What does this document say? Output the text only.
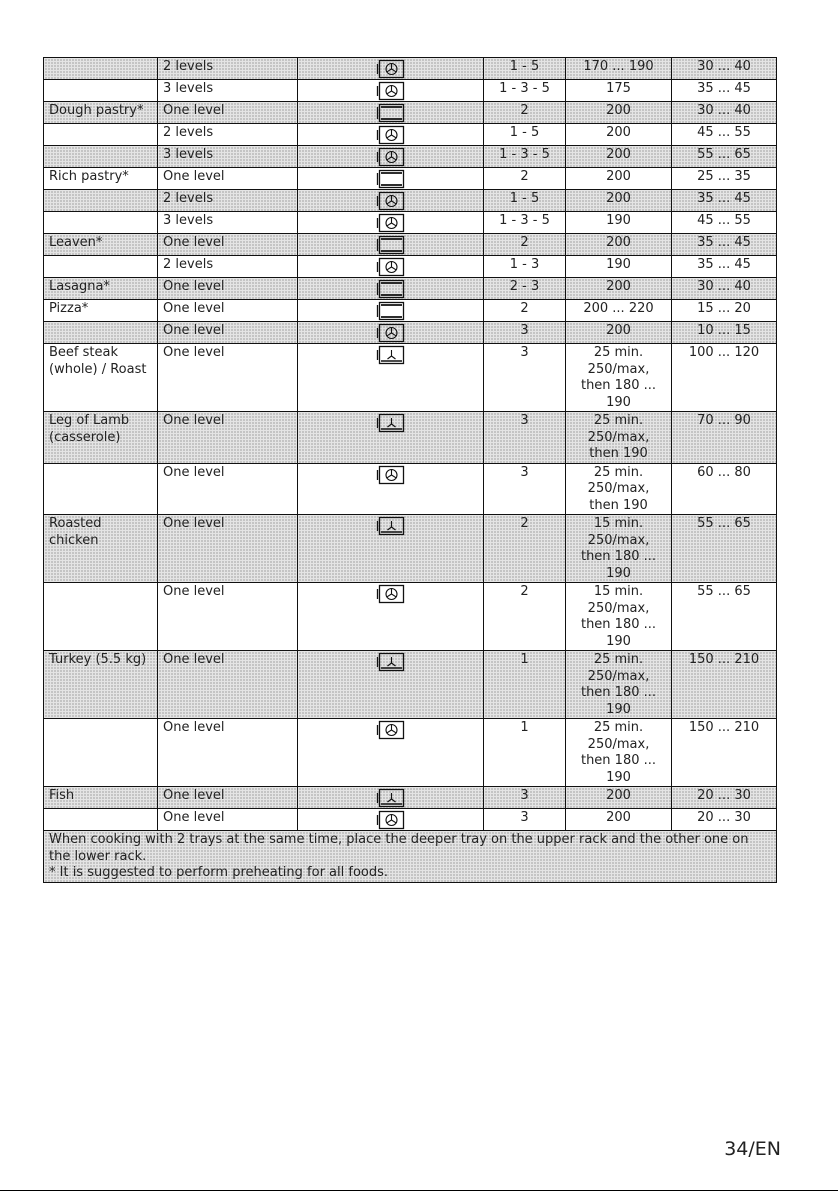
	2 levels		1 - 5	170 ... 190	30 ... 40
	3 levels		1 - 3 - 5	175	35 ... 45
Dough pastry*	One level		2	200	30 ... 40
	2 levels		1 - 5	200	45 ... 55
	3 levels		1 - 3 - 5	200	55 ... 65
Rich pastry*	One level		2	200	25 ... 35
	2 levels		1 - 5	200	35 ... 45
	3 levels		1 - 3 - 5	190	45 ... 55
Leaven*	One level		2	200	35 ... 45
	2 levels		1 - 3	190	35 ... 45
Lasagna*	One level		2 - 3	200	30 ... 40
Pizza*	One level		2	200 ... 220	15 ... 20
	One level		3	200	10 ... 15
Beef steak (whole) / Roast	One level		3	25 min. 250/max, then 180 ... 190	100 ... 120
Leg of Lamb (casserole)	One level		3	25 min. 250/max, then 190	70 ... 90
	One level		3	25 min. 250/max, then 190	60 ... 80
Roasted chicken	One level		2	15 min. 250/max, then 180 ... 190	55 ... 65
	One level		2	15 min. 250/max, then 180 ... 190	55 ... 65
Turkey (5.5 kg)	One level		1	25 min. 250/max, then 180 ... 190	150 ... 210
	One level		1	25 min. 250/max, then 180 ... 190	150 ... 210
Fish	One level		3	200	20 ... 30
	One level		3	200	20 ... 30

When cooking with 2 trays at the same time, place the deeper tray on the upper rack and the other one on the lower rack.
* It is suggested to perform preheating for all foods.					
34/EN
